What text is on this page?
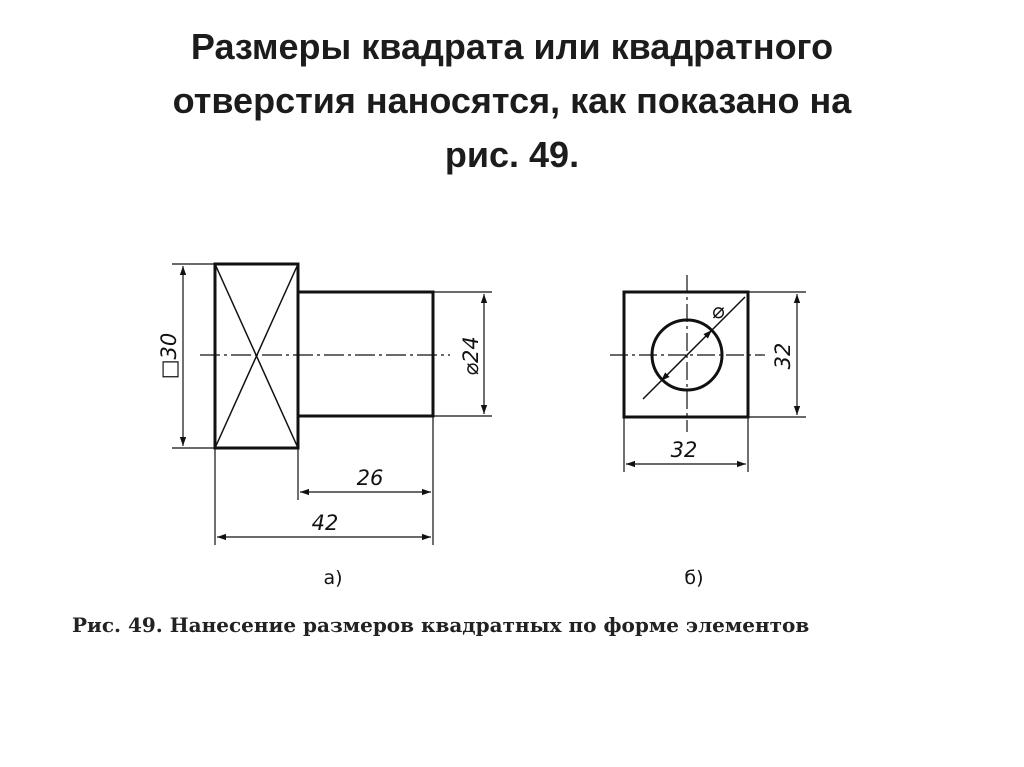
Размеры квадрата или квадратного
отверстия наносятся, как показано на
рис. 49.
□30	⌀24
26
42
а)
⌀
32
32
б)
Рис. 49. Нанесение размеров квадратных по форме элементов
